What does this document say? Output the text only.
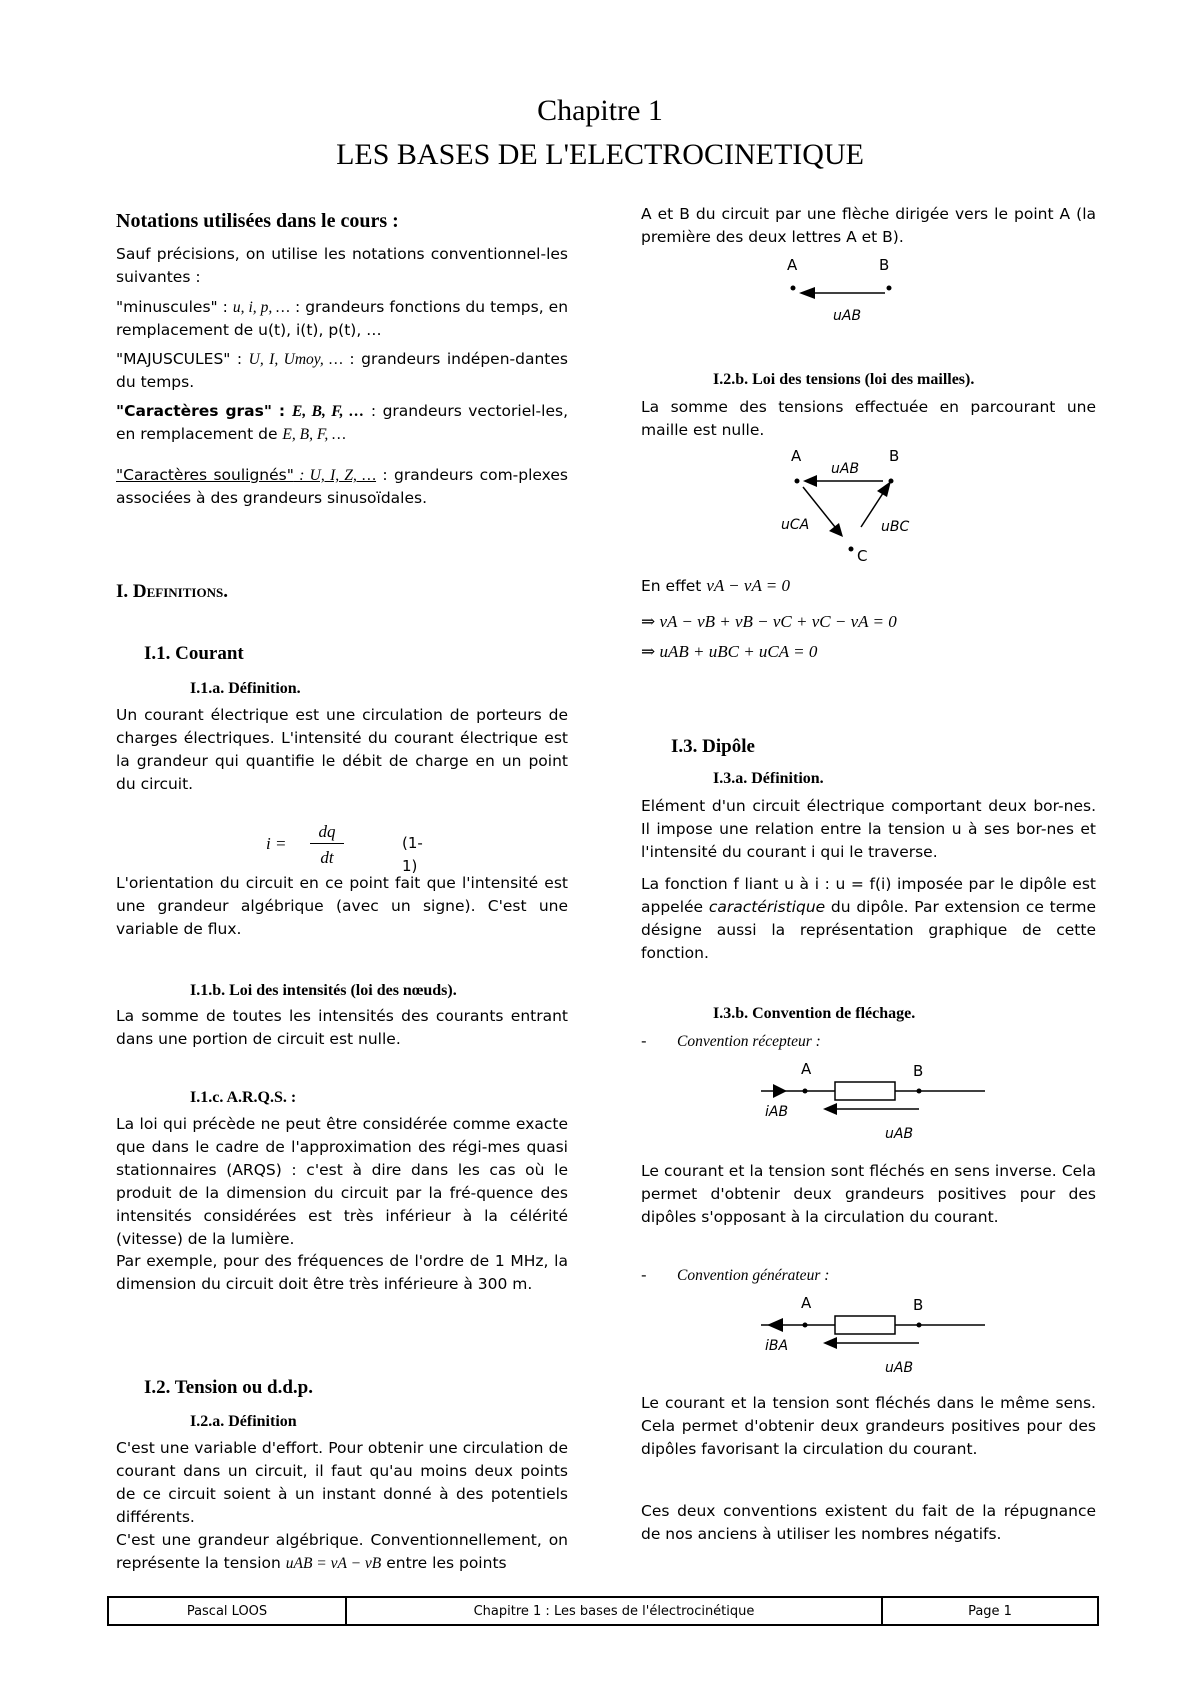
Chapitre 1
LES BASES DE L'ELECTROCINETIQUE
Notations utilisées dans le cours :

Sauf précisions, on utilise les notations conventionnel-les suivantes :

"minuscules" : u, i, p, … : grandeurs fonctions du temps, en remplacement de u(t), i(t), p(t), …

"MAJUSCULES" : U, I, Umoy, … : grandeurs indépen-dantes du temps.

"Caractères gras" : E, B, F, … : grandeurs vectoriel-les, en remplacement de E, B, F, …

"Caractères soulignés" : U, I, Z, … : grandeurs com-plexes associées à des grandeurs sinusoïdales.

I. Definitions.
I.1. Courant
I.1.a. Définition.

Un courant électrique est une circulation de porteurs de charges électriques. L'intensité du courant électrique est la grandeur qui quantifie le débit de charge en un point du circuit.

i =
dq
dt
(1-1)

L'orientation du circuit en ce point fait que l'intensité est une grandeur algébrique (avec un signe). C'est une variable de flux.

I.1.b. Loi des intensités (loi des nœuds).

La somme de toutes les intensités des courants entrant dans une portion de circuit est nulle.

I.1.c. A.R.Q.S. :

La loi qui précède ne peut être considérée comme exacte que dans le cadre de l'approximation des régi-mes quasi stationnaires (ARQS) : c'est à dire dans les cas où le produit de la dimension du circuit par la fré-quence des intensités considérées est très inférieur à la célérité (vitesse) de la lumière.

Par exemple, pour des fréquences de l'ordre de 1 MHz, la dimension du circuit doit être très inférieure à 300 m.

I.2. Tension ou d.d.p.
I.2.a. Définition

C'est une variable d'effort. Pour obtenir une circulation de courant dans un circuit, il faut qu'au moins deux points de ce circuit soient à un instant donné à des potentiels différents.

C'est une grandeur algébrique. Conventionnellement, on représente la tension uAB = vA − vB entre les points

A et B du circuit par une flèche dirigée vers le point A (la première des deux lettres A et B).

A	B
uAB
I.2.b. Loi des tensions (loi des mailles).

La somme des tensions effectuée en parcourant une maille est nulle.

A	B
uAB
C
uCA	uBC

En effet vA − vA = 0

⇒ vA − vB + vB − vC + vC − vA = 0

⇒ uAB + uBC + uCA = 0

I.3. Dipôle
I.3.a. Définition.

Elément d'un circuit électrique comportant deux bor-nes. Il impose une relation entre la tension u à ses bor-nes et l'intensité du courant i qui le traverse.

La fonction f liant u à i : u = f(i) imposée par le dipôle est appelée caractéristique du dipôle. Par extension ce terme désigne aussi la représentation graphique de cette fonction.

I.3.b. Convention de fléchage.
- Convention récepteur :
A	B
iAB
uAB

Le courant et la tension sont fléchés en sens inverse. Cela permet d'obtenir deux grandeurs positives pour des dipôles s'opposant à la circulation du courant.

- Convention générateur :
A	B
iBA
uAB

Le courant et la tension sont fléchés dans le même sens. Cela permet d'obtenir deux grandeurs positives pour des dipôles favorisant la circulation du courant.

Ces deux conventions existent du fait de la répugnance de nos anciens à utiliser les nombres négatifs.

Pascal LOOS	Chapitre 1 : Les bases de l'électrocinétique	Page 1
